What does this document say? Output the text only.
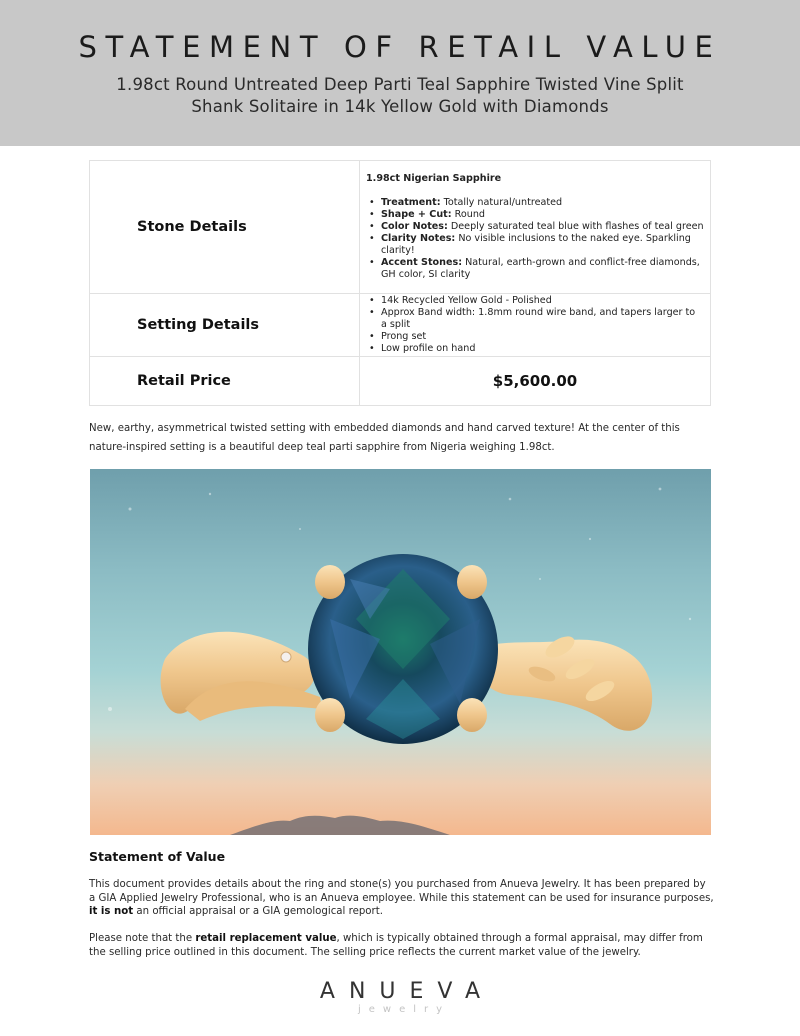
STATEMENT OF RETAIL VALUE
1.98ct Round Untreated Deep Parti Teal Sapphire Twisted Vine Split
Shank Solitaire in 14k Yellow Gold with Diamonds
Stone Details	
1.98ct Nigerian Sapphire
• Treatment: Totally natural/untreated
• Shape + Cut: Round
• Color Notes: Deeply saturated teal blue with flashes of teal green
• Clarity Notes: No visible inclusions to the naked eye. Sparkling clarity!
• Accent Stones: Natural, earth-grown and conflict-free diamonds, GH color, SI clarity

Setting Details	
• 14k Recycled Yellow Gold - Polished
• Approx Band width: 1.8mm round wire band, and tapers larger to a split
• Prong set
• Low profile on hand

Retail Price	$5,600.00

New, earthy, asymmetrical twisted setting with embedded diamonds and hand carved texture! At the center of this nature-inspired setting is a beautiful deep teal parti sapphire from Nigeria weighing 1.98ct.

Statement of Value

This document provides details about the ring and stone(s) you purchased from Anueva Jewelry. It has been prepared by a GIA Applied Jewelry Professional, who is an Anueva employee. While this statement can be used for insurance purposes, it is not an official appraisal or a GIA gemological report.

Please note that the retail replacement value, which is typically obtained through a formal appraisal, may differ from the selling price outlined in this document. The selling price reflects the current market value of the jewelry.

ANUEVA
jewelry
